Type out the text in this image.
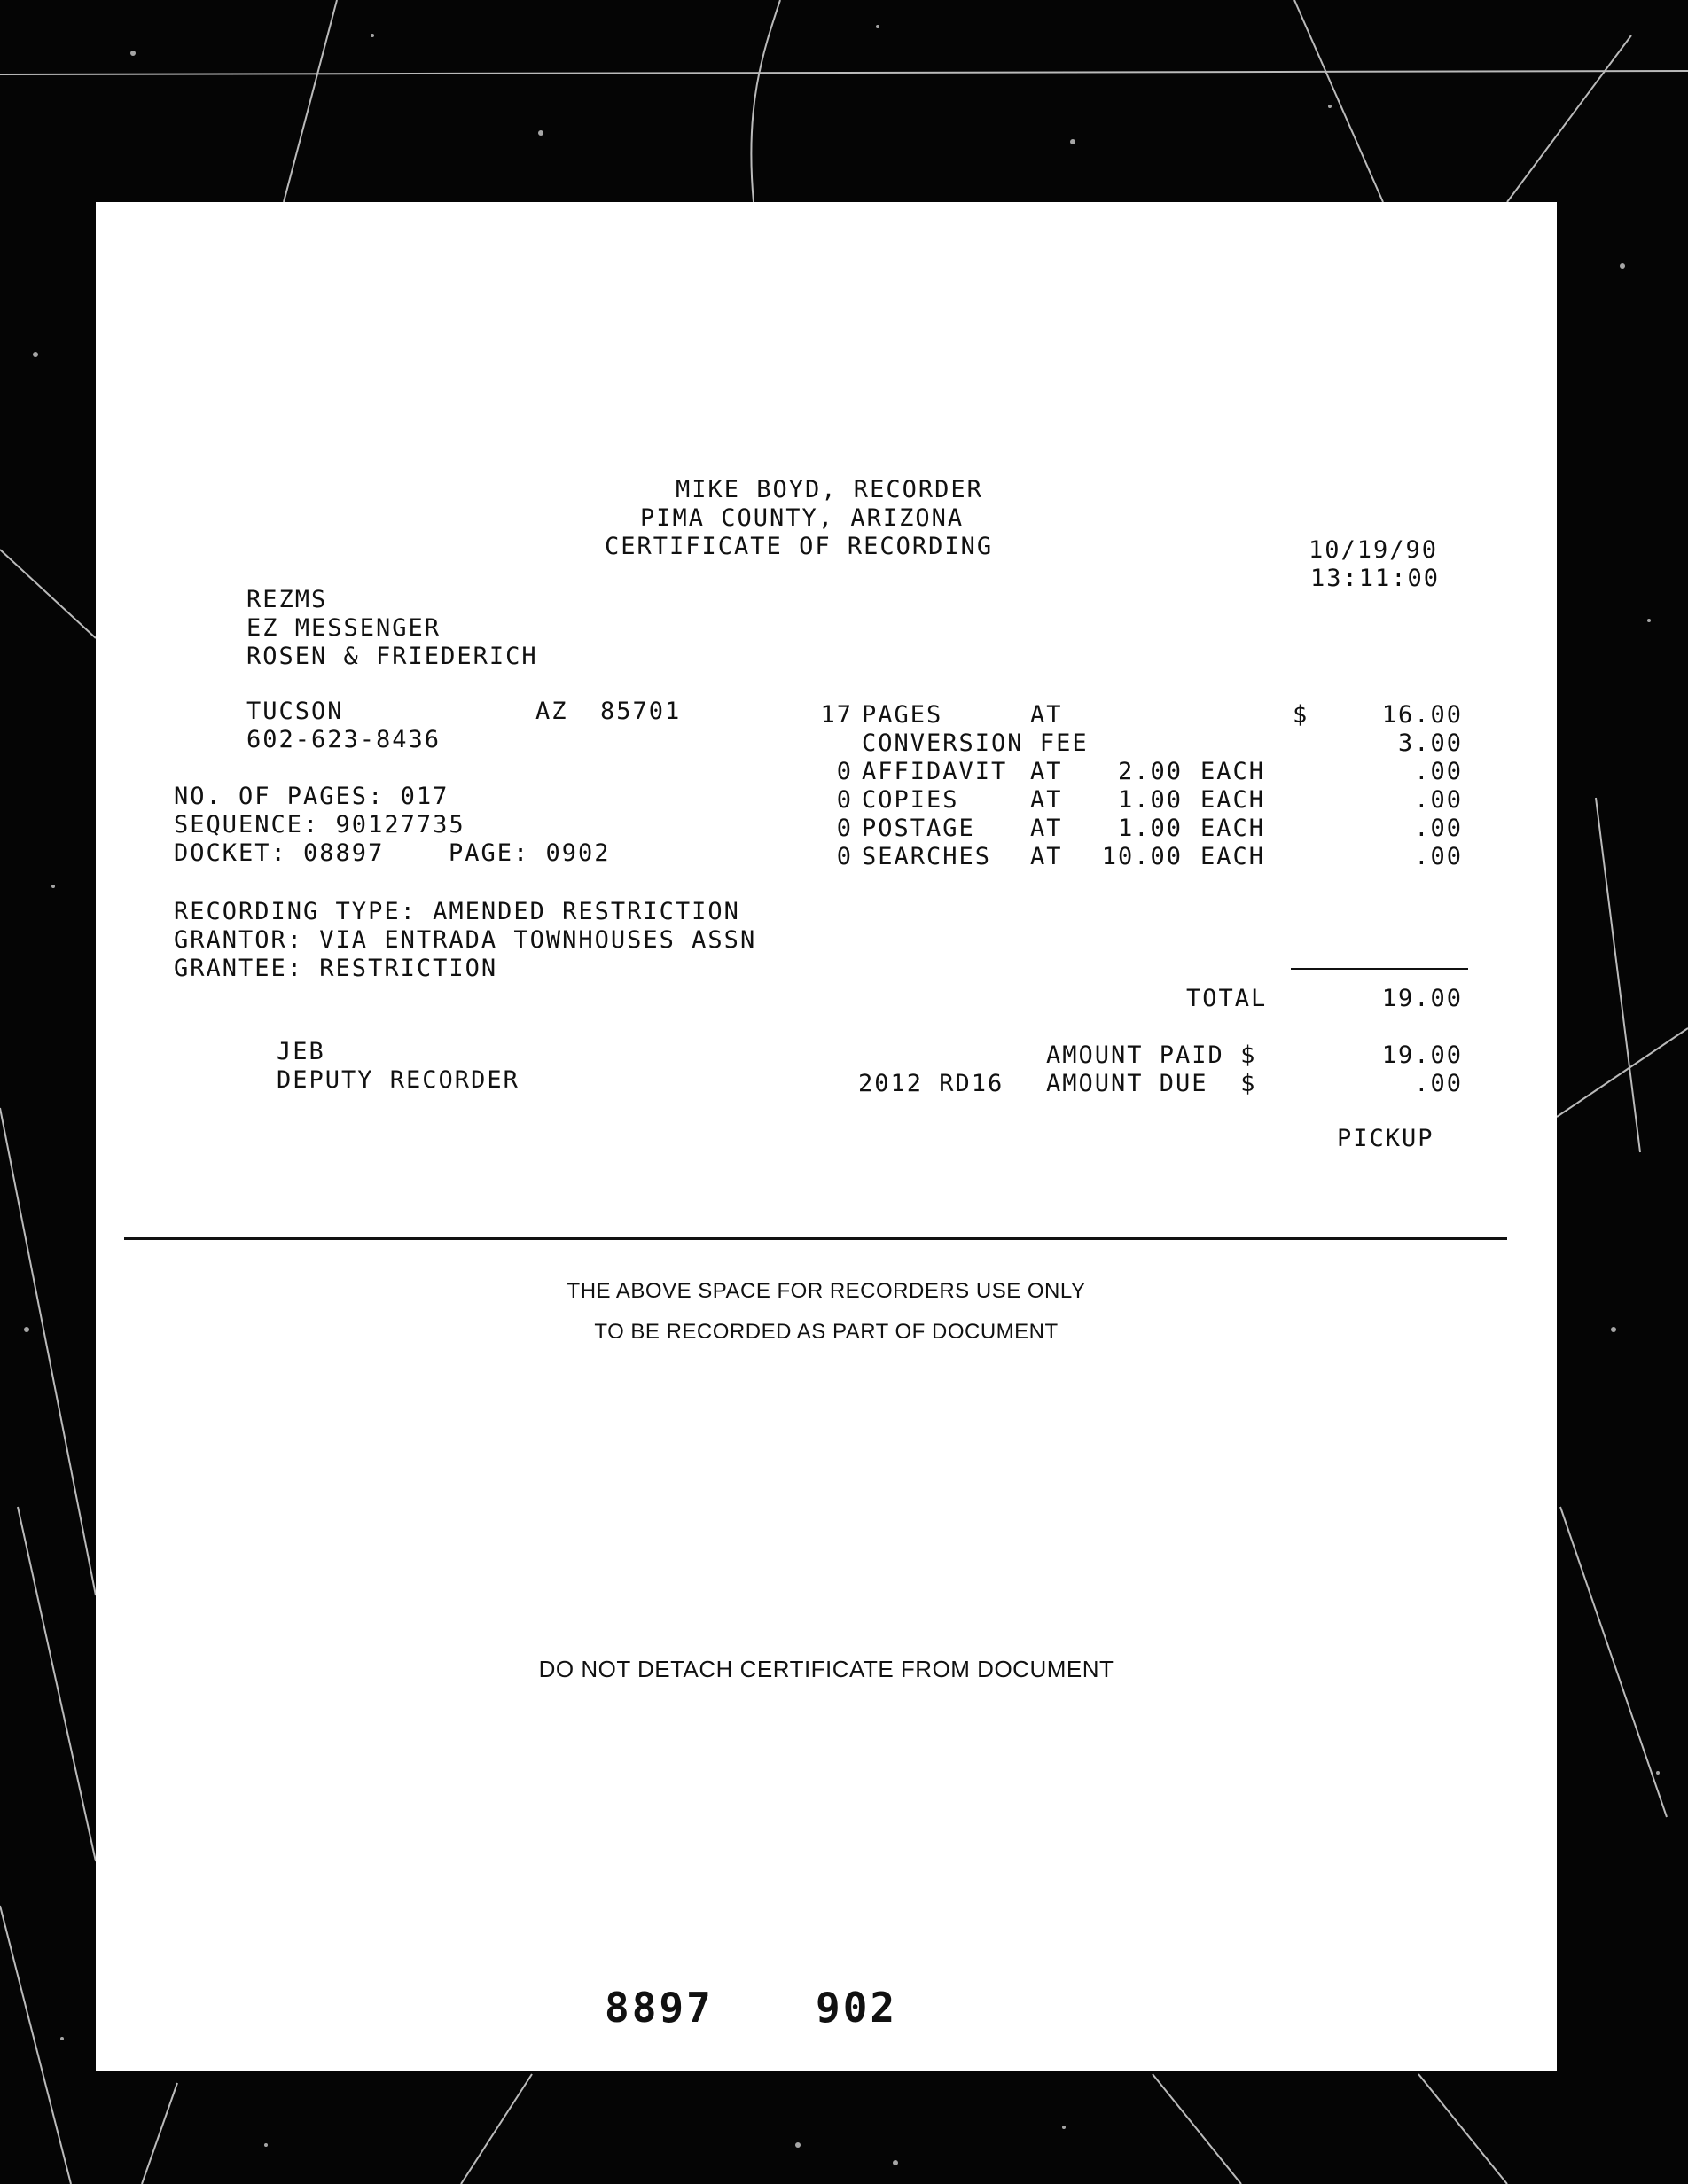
MIKE BOYD, RECORDER
PIMA COUNTY, ARIZONA
CERTIFICATE OF RECORDING	10/19/90
13:11:00
REZMS
EZ MESSENGER
ROSEN & FRIEDERICH
TUCSON	AZ  85701
602-623-8436
NO. OF PAGES: 017
SEQUENCE: 90127735
DOCKET: 08897	PAGE: 0902
17 PAGES	AT	$	16.00
CONVERSION FEE	3.00
0 AFFIDAVIT AT	2.00 EACH	.00
0 COPIES	AT	1.00 EACH	.00
0 POSTAGE AT	1.00 EACH	.00
0 SEARCHES AT	10.00 EACH	.00
RECORDING TYPE: AMENDED RESTRICTION
GRANTOR: VIA ENTRADA TOWNHOUSES ASSN
GRANTEE: RESTRICTION
TOTAL	19.00
JEB
DEPUTY RECORDER
AMOUNT PAID $	19.00
2012 RD16 AMOUNT DUE  $	.00
PICKUP
THE ABOVE SPACE FOR RECORDERS USE ONLY
TO BE RECORDED AS PART OF DOCUMENT
DO NOT DETACH CERTIFICATE FROM DOCUMENT
8897	902
